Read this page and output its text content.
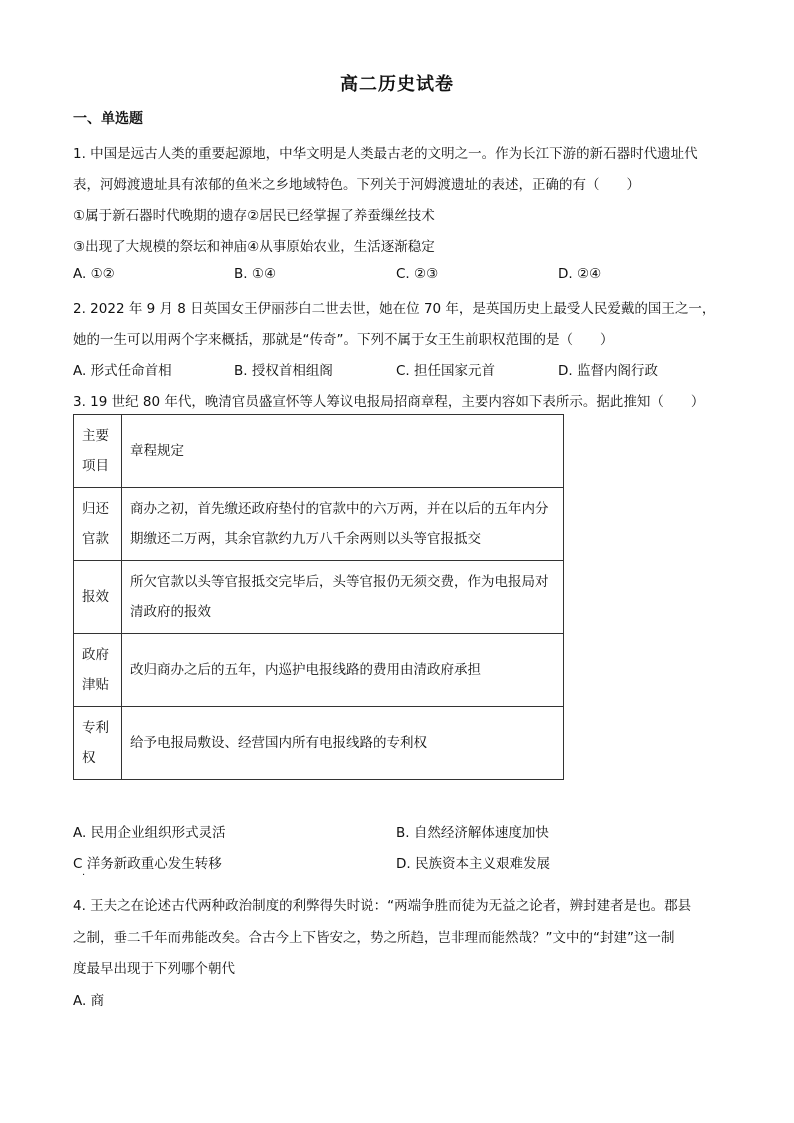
高二历史试卷
一、单选题
1. 中国是远古人类的重要起源地，中华文明是人类最古老的文明之一。作为长江下游的新石器时代遗址代
表，河姆渡遗址具有浓郁的鱼米之乡地域特色。下列关于河姆渡遗址的表述，正确的有（　　）
①属于新石器时代晚期的遗存②居民已经掌握了养蚕缫丝技术
③出现了大规模的祭坛和神庙④从事原始农业，生活逐渐稳定
A. ①②	B. ①④	C. ②③	D. ②④
2. 2022 年 9 月 8 日英国女王伊丽莎白二世去世，她在位 70 年，是英国历史上最受人民爱戴的国王之一，
她的一生可以用两个字来概括，那就是“传奇”。下列不属于女王生前职权范围的是（　　）
A. 形式任命首相	B. 授权首相组阁	C. 担任国家元首	D. 监督内阁行政
3. 19 世纪 80 年代，晚清官员盛宣怀等人筹议电报局招商章程，主要内容如下表所示。据此推知（　　）
主要项目	章程规定
归还官款	商办之初，首先缴还政府垫付的官款中的六万两，并在以后的五年内分期缴还二万两，其余官款约九万八千余两则以头等官报抵交
报效	所欠官款以头等官报抵交完毕后，头等官报仍无须交费，作为电报局对清政府的报效
政府津贴	改归商办之后的五年，内巡护电报线路的费用由清政府承担
专利权	给予电报局敷设、经营国内所有电报线路的专利权
A. 民用企业组织形式灵活	B. 自然经济解体速度加快
C 洋务新政重心发生转移	D. 民族资本主义艰难发展
·
4. 王夫之在论述古代两种政治制度的利弊得失时说：“两端争胜而徒为无益之论者，辨封建者是也。郡县
之制，垂二千年而弗能改矣。合古今上下皆安之，势之所趋，岂非理而能然哉？”文中的“封建”这一制
度最早出现于下列哪个朝代
A. 商
